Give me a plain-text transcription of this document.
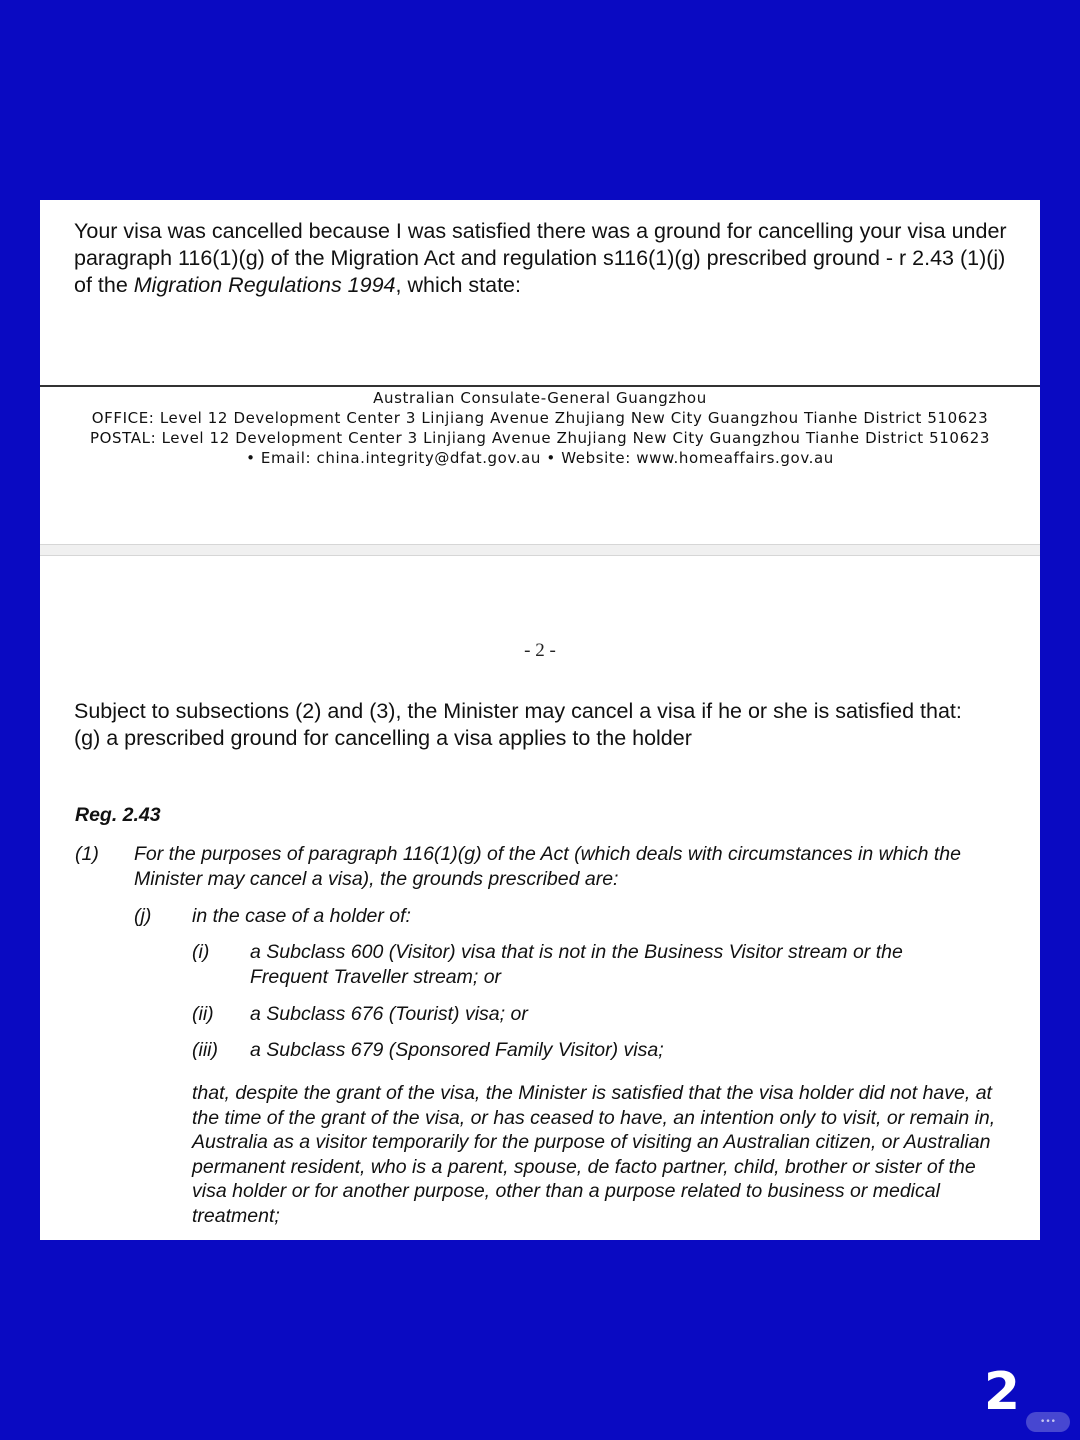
Your visa was cancelled because I was satisfied there was a ground for cancelling your visa under paragraph 116(1)(g) of the Migration Act and regulation s116(1)(g) prescribed ground - r 2.43 (1)(j) of the Migration Regulations 1994, which state:

Australian Consulate-General Guangzhou
OFFICE: Level 12 Development Center 3 Linjiang Avenue Zhujiang New City Guangzhou Tianhe District 510623
POSTAL: Level 12 Development Center 3 Linjiang Avenue Zhujiang New City Guangzhou Tianhe District 510623
• Email: china.integrity@dfat.gov.au • Website: www.homeaffairs.gov.au
- 2 -
Subject to subsections (2) and (3), the Minister may cancel a visa if he or she is satisfied that:
(g) a prescribed ground for cancelling a visa applies to the holder
Reg. 2.43
(1)	For the purposes of paragraph 116(1)(g) of the Act (which deals with circumstances in which the Minister may cancel a visa), the grounds prescribed are:
(j)	in the case of a holder of:
(i)	a Subclass 600 (Visitor) visa that is not in the Business Visitor stream or the Frequent Traveller stream; or
(ii)	a Subclass 676 (Tourist) visa; or
(iii)	a Subclass 679 (Sponsored Family Visitor) visa;
that, despite the grant of the visa, the Minister is satisfied that the visa holder did not have, at the time of the grant of the visa, or has ceased to have, an intention only to visit, or remain in, Australia as a visitor temporarily for the purpose of visiting an Australian citizen, or Australian permanent resident, who is a parent, spouse, de facto partner, child, brother or sister of the visa holder or for another purpose, other than a purpose related to business or medical treatment;
2	•••
